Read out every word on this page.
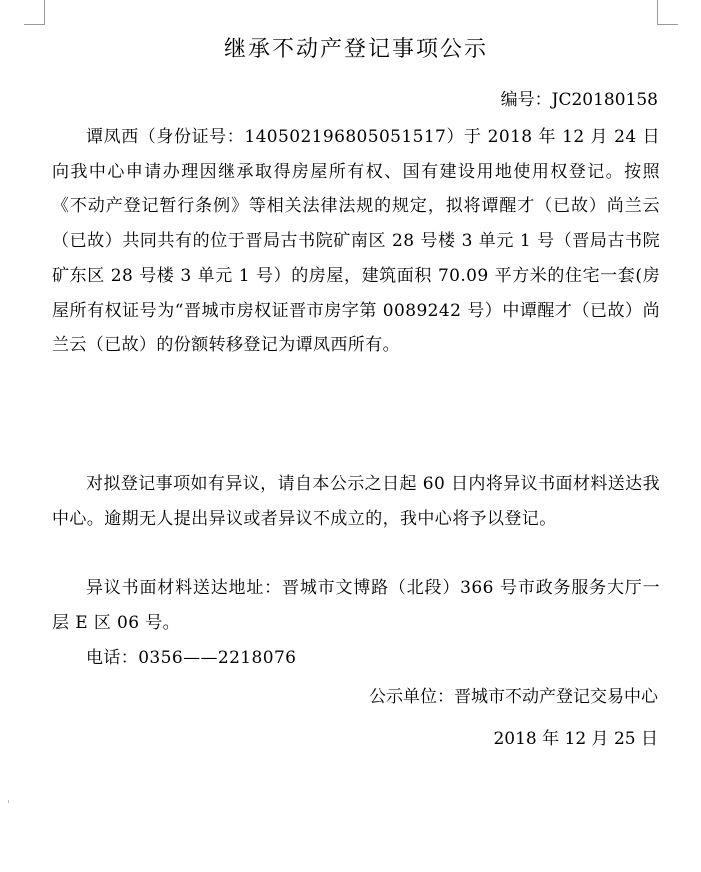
继承不动产登记事项公示

编号：JC20180158

谭凤西（身份证号：140502196805051517）于 2018 年 12 月 24 日向我中心申请办理因继承取得房屋所有权、国有建设用地使用权登记。按照《不动产登记暂行条例》等相关法律法规的规定，拟将谭醒才（已故）尚兰云（已故）共同共有的位于晋局古书院矿南区 28 号楼 3 单元 1 号（晋局古书院矿东区 28 号楼 3 单元 1 号）的房屋，建筑面积 70.09 平方米的住宅一套(房屋所有权证号为“晋城市房权证晋市房字第 0089242 号）中谭醒才（已故）尚兰云（已故）的份额转移登记为谭凤西所有。

对拟登记事项如有异议，请自本公示之日起 60 日内将异议书面材料送达我中心。逾期无人提出异议或者异议不成立的，我中心将予以登记。

异议书面材料送达地址：晋城市文博路（北段）366 号市政务服务大厅一层 E 区 06 号。

电话：0356——2218076

公示单位：晋城市不动产登记交易中心

2018 年 12 月 25 日
